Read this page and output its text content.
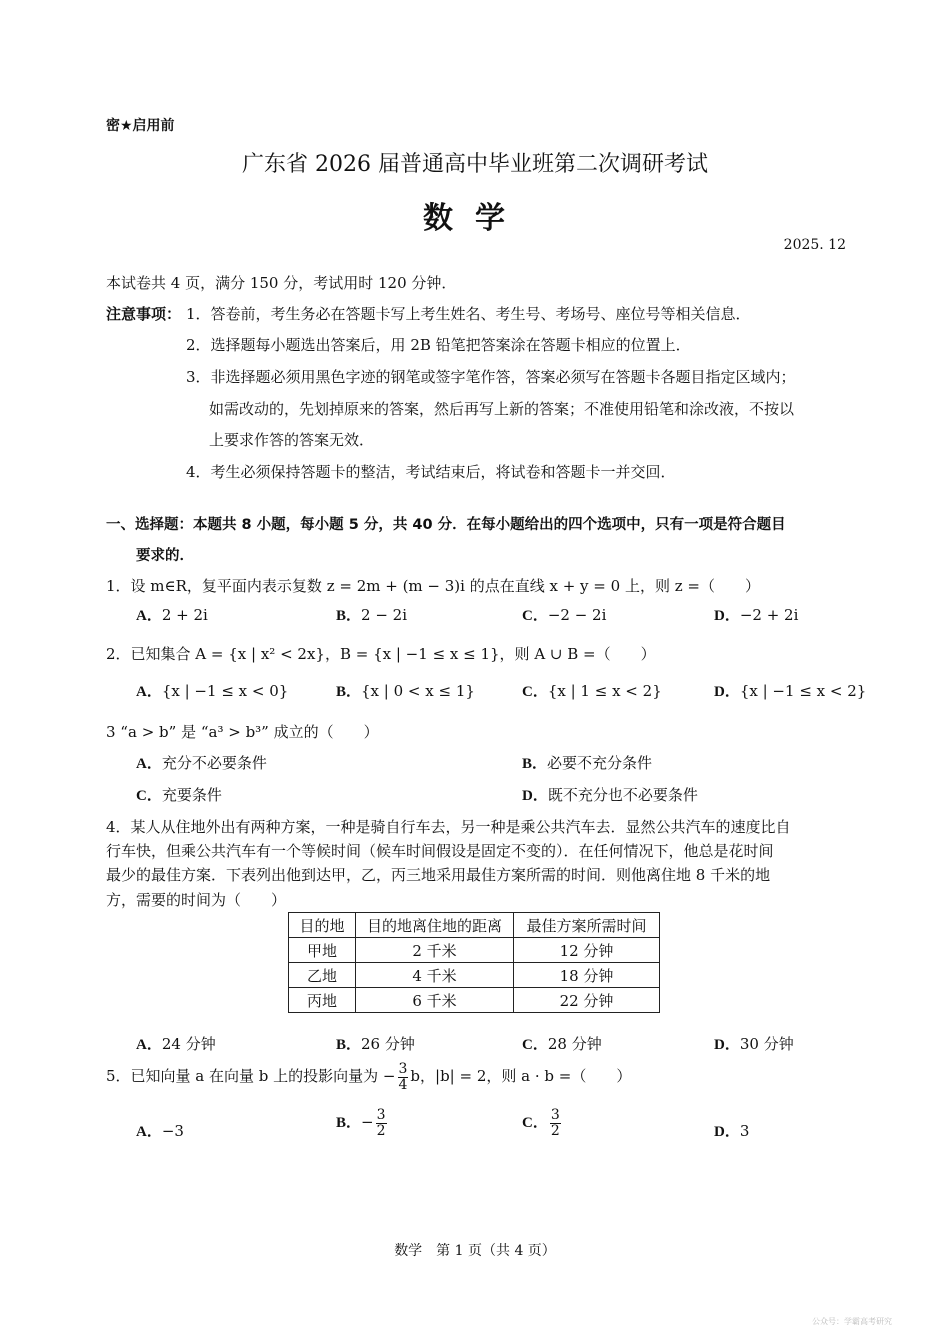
密★启用前
广东省 2026 届普通高中毕业班第二次调研考试
数学
2025. 12
本试卷共 4 页，满分 150 分，考试用时 120 分钟．
注意事项： 1．答卷前，考生务必在答题卡写上考生姓名、考生号、考场号、座位号等相关信息．
2．选择题每小题选出答案后，用 2B 铅笔把答案涂在答题卡相应的位置上．
3．非选择题必须用黑色字迹的钢笔或签字笔作答，答案必须写在答题卡各题目指定区域内；
如需改动的，先划掉原来的答案，然后再写上新的答案；不准使用铅笔和涂改液，不按以
上要求作答的答案无效．
4．考生必须保持答题卡的整洁，考试结束后，将试卷和答题卡一并交回．
一、选择题：本题共 8 小题，每小题 5 分，共 40 分．在每小题给出的四个选项中，只有一项是符合题目
要求的．
1．设 m∈R，复平面内表示复数 z = 2m + (m − 3)i 的点在直线 x + y = 0 上，则 z =（　　）
A．2 + 2i	B．2 − 2i	C．−2 − 2i	D．−2 + 2i
2．已知集合 A = {x | x² < 2x}，B = {x | −1 ≤ x ≤ 1}，则 A ∪ B =（　　）
A．{x | −1 ≤ x < 0}	B．{x | 0 < x ≤ 1}	C．{x | 1 ≤ x < 2}	D．{x | −1 ≤ x < 2}
3 “a > b” 是 “a³ > b³” 成立的（　　）
A．充分不必要条件	B．必要不充分条件
C．充要条件	D．既不充分也不必要条件
4．某人从住地外出有两种方案，一种是骑自行车去，另一种是乘公共汽车去．显然公共汽车的速度比自
行车快，但乘公共汽车有一个等候时间（候车时间假设是固定不变的）．在任何情况下，他总是花时间
最少的最佳方案．下表列出他到达甲，乙，丙三地采用最佳方案所需的时间．则他离住地 8 千米的地
方，需要的时间为（　　）
目的地	目的地离住地的距离	最佳方案所需时间
甲地	2 千米	12 分钟
乙地	4 千米	18 分钟
丙地	6 千米	22 分钟
A．24 分钟	B．26 分钟	C．28 分钟	D．30 分钟
5．已知向量 a 在向量 b 上的投影向量为 − $\frac{3}{4}$ b，|b| = 2，则 a · b =（　　）
A．−3	B．− $\frac{3}{2}$	C． $\frac{3}{2}$	D．3
数学　第 1 页（共 4 页）
公众号：学霸高考研究
